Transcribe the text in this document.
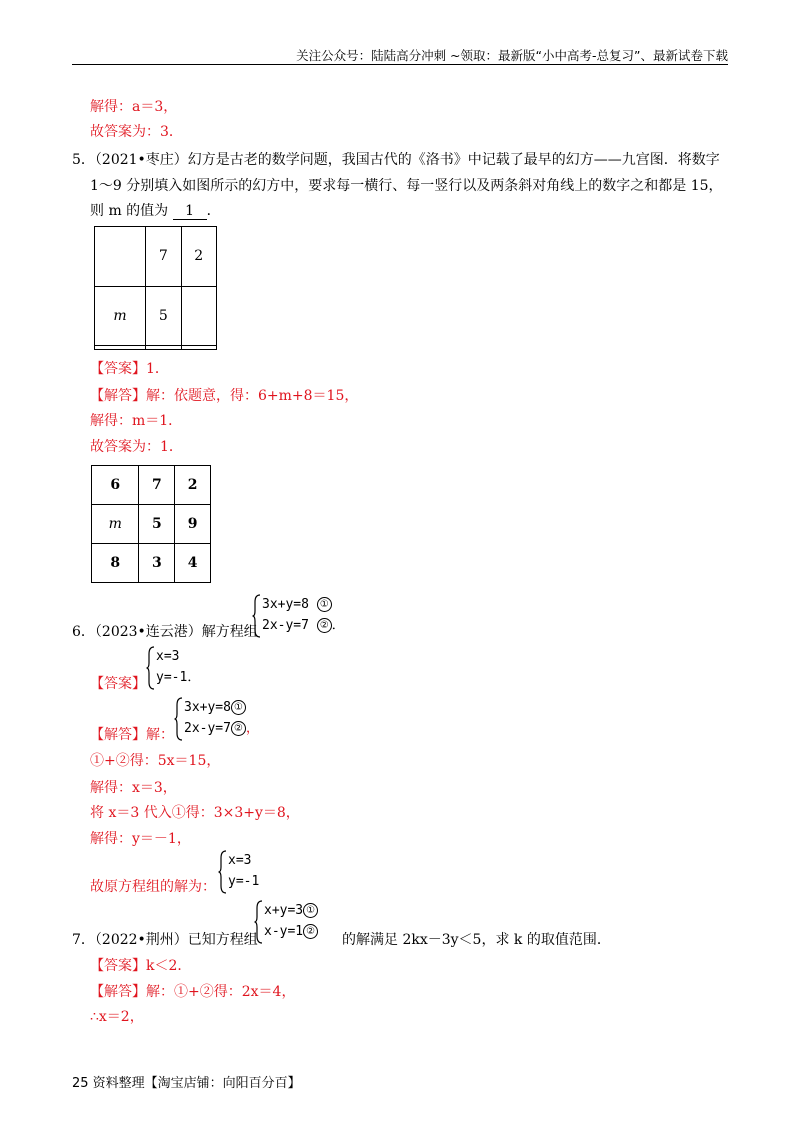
关注公众号：陆陆高分冲刺 ~领取：最新版“小中高考-总复习”、最新试卷下载
解得：a＝3，
故答案为：3．
5．（2021•枣庄）幻方是古老的数学问题，我国古代的《洛书》中记载了最早的幻方——九宫图．将数字
1～9 分别填入如图所示的幻方中，要求每一横行、每一竖行以及两条斜对角线上的数字之和都是 15，
则 m 的值为 1 ．
	7	2
m	5	

【答案】1．
【解答】解：依题意，得：6+m+8＝15，
解得：m＝1．
故答案为：1．
6	7	2
m	5	9
8	3	4
6．（2023•连云港）解方程组
3x+y=8 ①
2x-y=7 ② ．
【答案】
x=3
y=-1．
【解答】解：
3x+y=8 ①
2x-y=7 ② ，
①+②得：5x＝15，
解得：x＝3，
将 x＝3 代入①得：3×3+y＝8，
解得：y＝－1，
故原方程组的解为：
x=3
y=-1
7．（2022•荆州）已知方程组
x+y=3 ①
x-y=1 ②
的解满足 2kx－3y＜5，求 k 的取值范围．
【答案】k＜2．
【解答】解：①+②得：2x＝4，
∴x＝2，
25 资料整理【淘宝店铺：向阳百分百】
